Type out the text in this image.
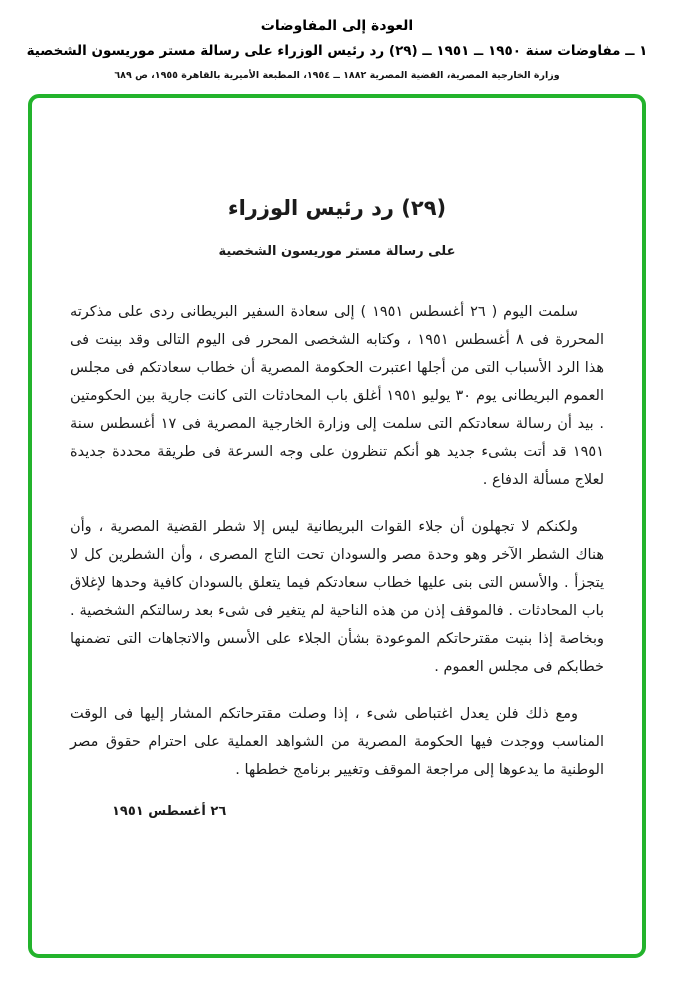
العودة إلى المفاوضات
١ ــ مفاوضات سنة ١٩٥٠ ــ ١٩٥١ ــ (٢٩) رد رئيس الوزراء على رسالة مستر موريسون الشخصية
وزارة الخارجية المصرية، القضية المصرية ١٨٨٢ ــ ١٩٥٤، المطبعة الأميرية بالقاهرة ١٩٥٥، ص ٦٨٩
(٢٩) رد رئيس الوزراء
على رسالة مستر موريسون الشخصية

سلمت اليوم ( ٢٦ أغسطس ١٩٥١ ) إلى سعادة السفير البريطانى ردى على مذكرته المحررة فى ٨ أغسطس ١٩٥١ ، وكتابه الشخصى المحرر فى اليوم التالى وقد بينت فى هذا الرد الأسباب التى من أجلها اعتبرت الحكومة المصرية أن خطاب سعادتكم فى مجلس العموم البريطانى يوم ٣٠ يوليو ١٩٥١ أغلق باب المحادثات التى كانت جارية بين الحكومتين . بيد أن رسالة سعادتكم التى سلمت إلى وزارة الخارجية المصرية فى ١٧ أغسطس سنة ١٩٥١ قد أتت بشىء جديد هو أنكم تنظرون على وجه السرعة فى طريقة محددة جديدة لعلاج مسألة الدفاع .

ولكنكم لا تجهلون أن جلاء القوات البريطانية ليس إلا شطر القضية المصرية ، وأن هناك الشطر الآخر وهو وحدة مصر والسودان تحت التاج المصرى ، وأن الشطرين كل لا يتجزأ . والأسس التى بنى عليها خطاب سعادتكم فيما يتعلق بالسودان كافية وحدها لإغلاق باب المحادثات . فالموقف إذن من هذه الناحية لم يتغير فى شىء بعد رسالتكم الشخصية . وبخاصة إذا بنيت مقترحاتكم الموعودة بشأن الجلاء على الأسس والاتجاهات التى تضمنها خطابكم فى مجلس العموم .

ومع ذلك فلن يعدل اغتباطى شىء ، إذا وصلت مقترحاتكم المشار إليها فى الوقت المناسب ووجدت فيها الحكومة المصرية من الشواهد العملية على احترام حقوق مصر الوطنية ما يدعوها إلى مراجعة الموقف وتغيير برنامج خططها .

٢٦ أغسطس ١٩٥١
